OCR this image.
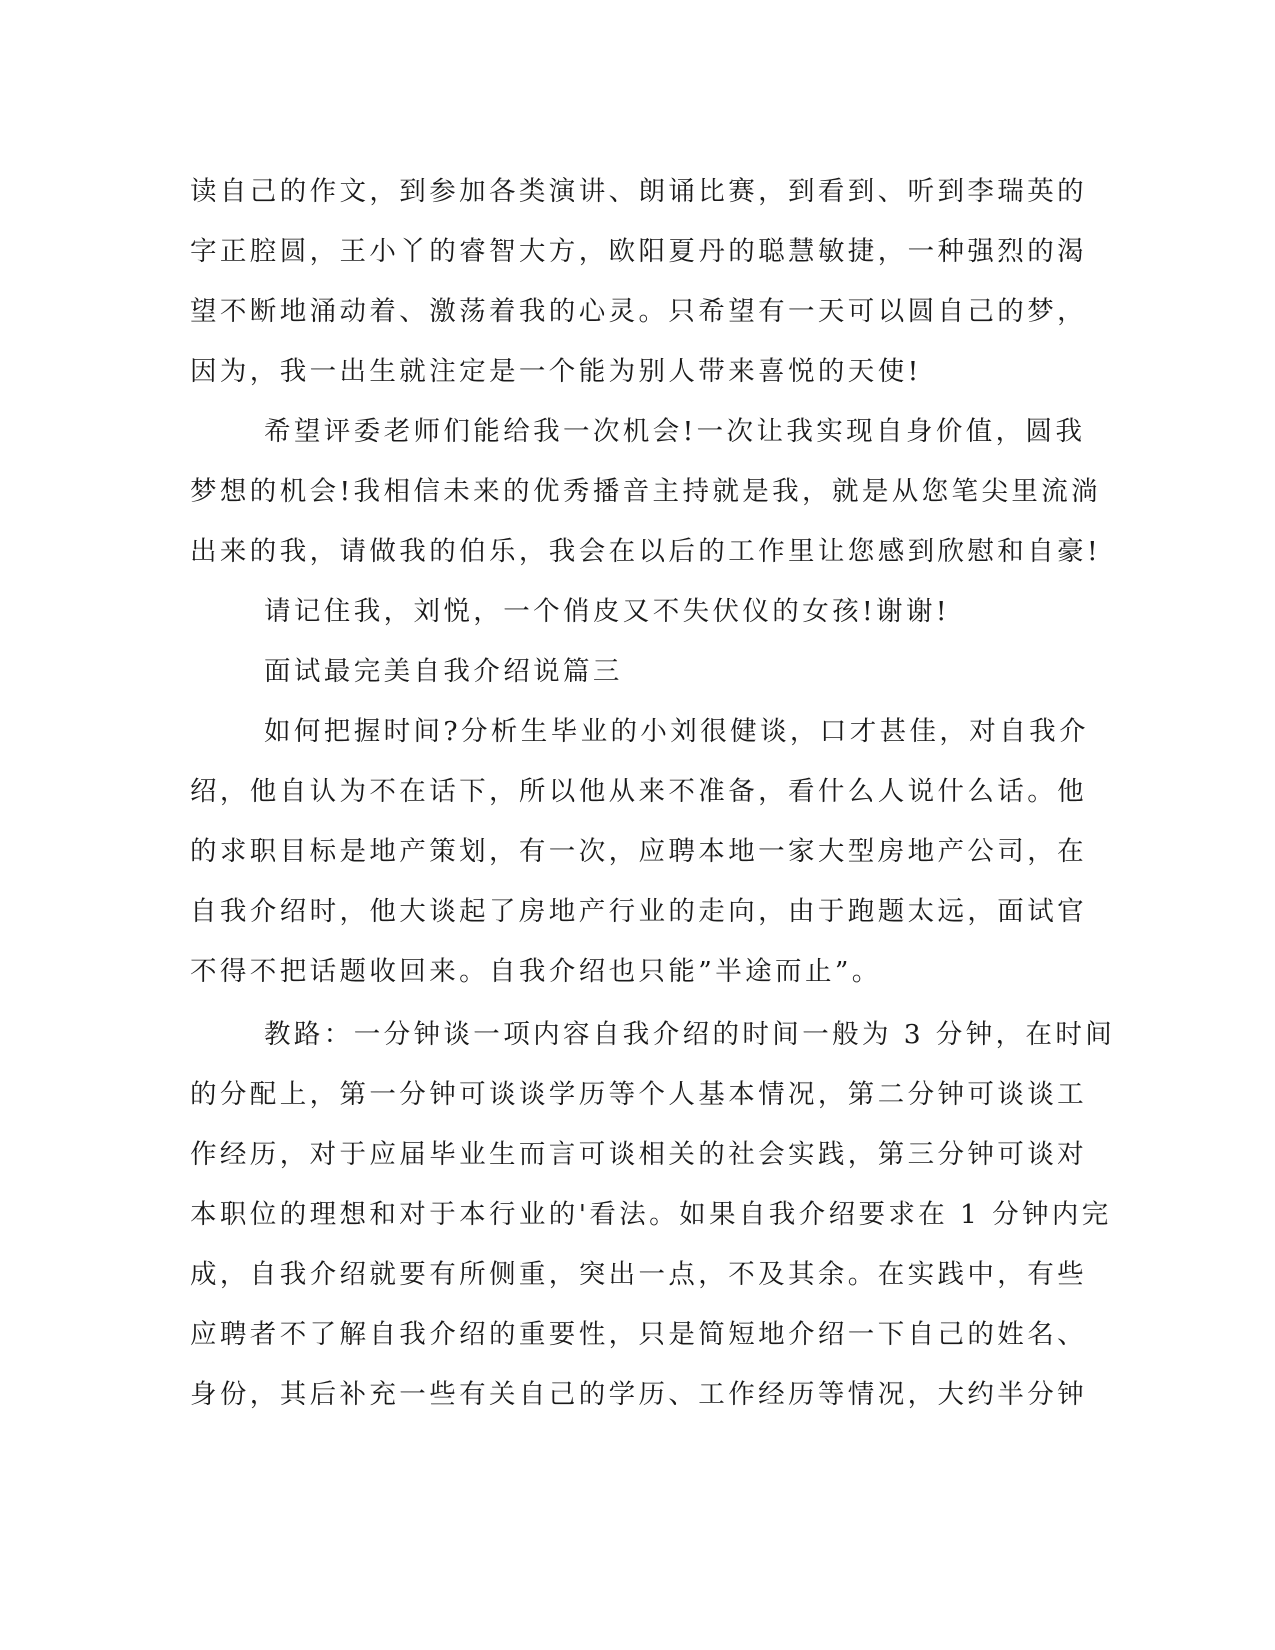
读自己的作文，到参加各类演讲、朗诵比赛，到看到、听到李瑞英的
字正腔圆，王小丫的睿智大方，欧阳夏丹的聪慧敏捷，一种强烈的渴
望不断地涌动着、激荡着我的心灵。只希望有一天可以圆自己的梦，
因为，我一出生就注定是一个能为别人带来喜悦的天使!
希望评委老师们能给我一次机会!一次让我实现自身价值，圆我
梦想的机会!我相信未来的优秀播音主持就是我，就是从您笔尖里流淌
出来的我，请做我的伯乐，我会在以后的工作里让您感到欣慰和自豪!
请记住我，刘悦，一个俏皮又不失伏仪的女孩!谢谢!
面试最完美自我介绍说篇三
如何把握时间?分析生毕业的小刘很健谈，口才甚佳，对自我介
绍，他自认为不在话下，所以他从来不准备，看什么人说什么话。他
的求职目标是地产策划，有一次，应聘本地一家大型房地产公司，在
自我介绍时，他大谈起了房地产行业的走向，由于跑题太远，面试官
不得不把话题收回来。自我介绍也只能”半途而止”。
教路：一分钟谈一项内容自我介绍的时间一般为 3 分钟，在时间
的分配上，第一分钟可谈谈学历等个人基本情况，第二分钟可谈谈工
作经历，对于应届毕业生而言可谈相关的社会实践，第三分钟可谈对
本职位的理想和对于本行业的'看法。如果自我介绍要求在 1 分钟内完
成，自我介绍就要有所侧重，突出一点，不及其余。在实践中，有些
应聘者不了解自我介绍的重要性，只是简短地介绍一下自己的姓名、
身份，其后补充一些有关自己的学历、工作经历等情况，大约半分钟
